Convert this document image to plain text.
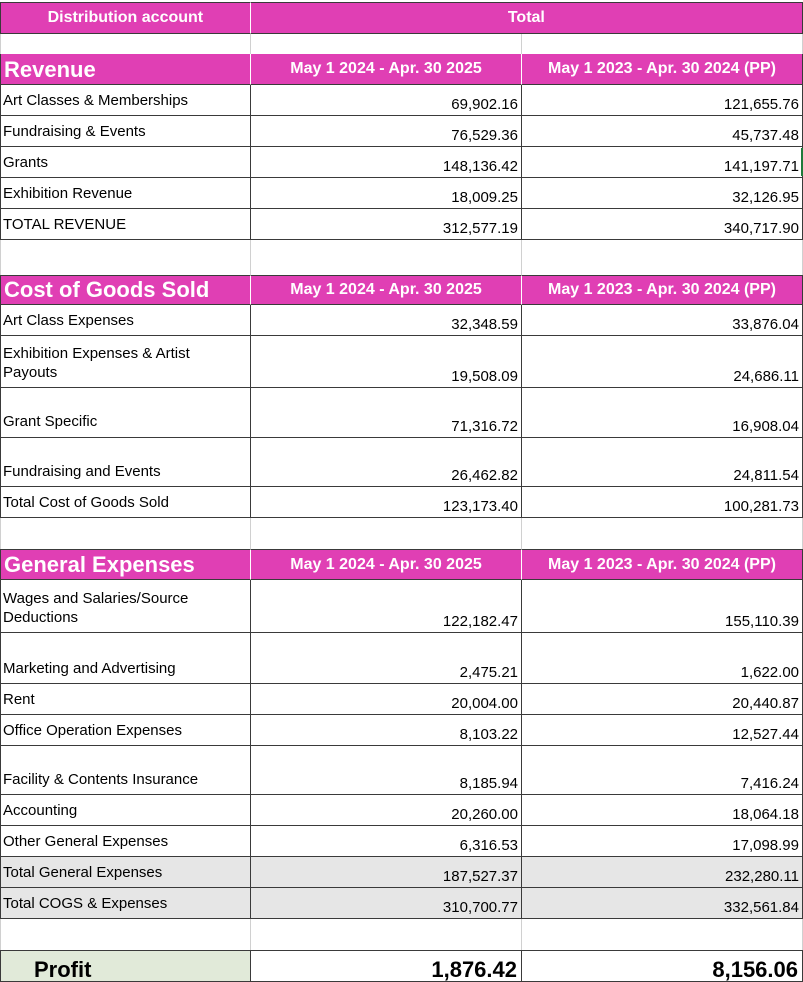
Distribution account	Total
Revenue	May 1 2024 - Apr. 30 2025	May 1 2023 - Apr. 30 2024 (PP)
Art Classes & Memberships	69,902.16	121,655.76
Fundraising & Events	76,529.36	45,737.48
Grants	148,136.42	141,197.71
Exhibition Revenue	18,009.25	32,126.95
TOTAL REVENUE	312,577.19	340,717.90
Cost of Goods Sold	May 1 2024 - Apr. 30 2025	May 1 2023 - Apr. 30 2024 (PP)
Art Class Expenses	32,348.59	33,876.04
Exhibition Expenses & Artist
Payouts	19,508.09	24,686.11
Grant Specific	71,316.72	16,908.04
Fundraising and Events	26,462.82	24,811.54
Total Cost of Goods Sold	123,173.40	100,281.73
General Expenses	May 1 2024 - Apr. 30 2025	May 1 2023 - Apr. 30 2024 (PP)
Wages and Salaries/Source
Deductions	122,182.47	155,110.39
Marketing and Advertising	2,475.21	1,622.00
Rent	20,004.00	20,440.87
Office Operation Expenses	8,103.22	12,527.44
Facility & Contents Insurance	8,185.94	7,416.24
Accounting	20,260.00	18,064.18
Other General Expenses	6,316.53	17,098.99
Total General Expenses	187,527.37	232,280.11
Total COGS & Expenses	310,700.77	332,561.84
Profit	1,876.42	8,156.06
